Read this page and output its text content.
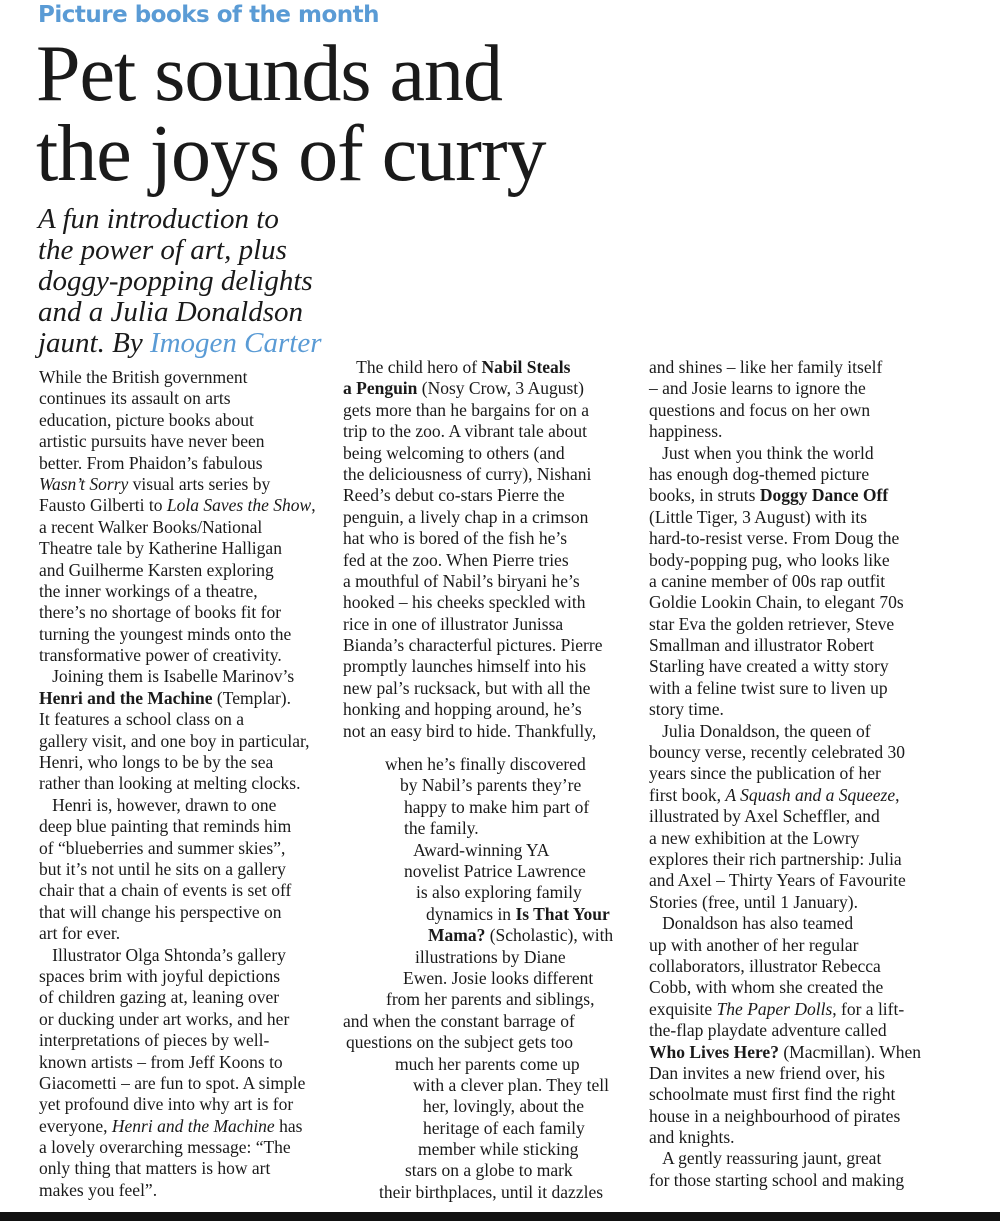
Picture books of the month
Pet sounds and
the joys of curry
A fun introduction to
the power of art, plus
doggy-popping delights
and a Julia Donaldson
jaunt. By Imogen Carter
While the British government
continues its assault on arts
education, picture books about
artistic pursuits have never been
better. From Phaidon’s fabulous
Wasn’t Sorry visual arts series by
Fausto Gilberti to Lola Saves the Show,
a recent Walker Books/National
Theatre tale by Katherine Halligan
and Guilherme Karsten exploring
the inner workings of a theatre,
there’s no shortage of books fit for
turning the youngest minds onto the
transformative power of creativity.
Joining them is Isabelle Marinov’s
Henri and the Machine (Templar).
It features a school class on a
gallery visit, and one boy in particular,
Henri, who longs to be by the sea
rather than looking at melting clocks.
Henri is, however, drawn to one
deep blue painting that reminds him
of “blueberries and summer skies”,
but it’s not until he sits on a gallery
chair that a chain of events is set off
that will change his perspective on
art for ever.
Illustrator Olga Shtonda’s gallery
spaces brim with joyful depictions
of children gazing at, leaning over
or ducking under art works, and her
interpretations of pieces by well-
known artists – from Jeff Koons to
Giacometti – are fun to spot. A simple
yet profound dive into why art is for
everyone, Henri and the Machine has
a lovely overarching message: “The
only thing that matters is how art
makes you feel”.
The child hero of Nabil Steals
a Penguin (Nosy Crow, 3 August)
gets more than he bargains for on a
trip to the zoo. A vibrant tale about
being welcoming to others (and
the deliciousness of curry), Nishani
Reed’s debut co-stars Pierre the
penguin, a lively chap in a crimson
hat who is bored of the fish he’s
fed at the zoo. When Pierre tries
a mouthful of Nabil’s biryani he’s
hooked – his cheeks speckled with
rice in one of illustrator Junissa
Bianda’s characterful pictures. Pierre
promptly launches himself into his
new pal’s rucksack, but with all the
honking and hopping around, he’s
not an easy bird to hide. Thankfully,
when he’s finally discovered
by Nabil’s parents they’re
happy to make him part of
the family.
Award-winning YA
novelist Patrice Lawrence
is also exploring family
dynamics in Is That Your
Mama? (Scholastic), with
illustrations by Diane
Ewen. Josie looks different
from her parents and siblings,
and when the constant barrage of
questions on the subject gets too
much her parents come up
with a clever plan. They tell
her, lovingly, about the
heritage of each family
member while sticking
stars on a globe to mark
their birthplaces, until it dazzles
and shines – like her family itself
– and Josie learns to ignore the
questions and focus on her own
happiness.
Just when you think the world
has enough dog-themed picture
books, in struts Doggy Dance Off
(Little Tiger, 3 August) with its
hard-to-resist verse. From Doug the
body-popping pug, who looks like
a canine member of 00s rap outfit
Goldie Lookin Chain, to elegant 70s
star Eva the golden retriever, Steve
Smallman and illustrator Robert
Starling have created a witty story
with a feline twist sure to liven up
story time.
Julia Donaldson, the queen of
bouncy verse, recently celebrated 30
years since the publication of her
first book, A Squash and a Squeeze,
illustrated by Axel Scheffler, and
a new exhibition at the Lowry
explores their rich partnership: Julia
and Axel – Thirty Years of Favourite
Stories (free, until 1 January).
Donaldson has also teamed
up with another of her regular
collaborators, illustrator Rebecca
Cobb, with whom she created the
exquisite The Paper Dolls, for a lift-
the-flap playdate adventure called
Who Lives Here? (Macmillan). When
Dan invites a new friend over, his
schoolmate must first find the right
house in a neighbourhood of pirates
and knights.
A gently reassuring jaunt, great
for those starting school and making
